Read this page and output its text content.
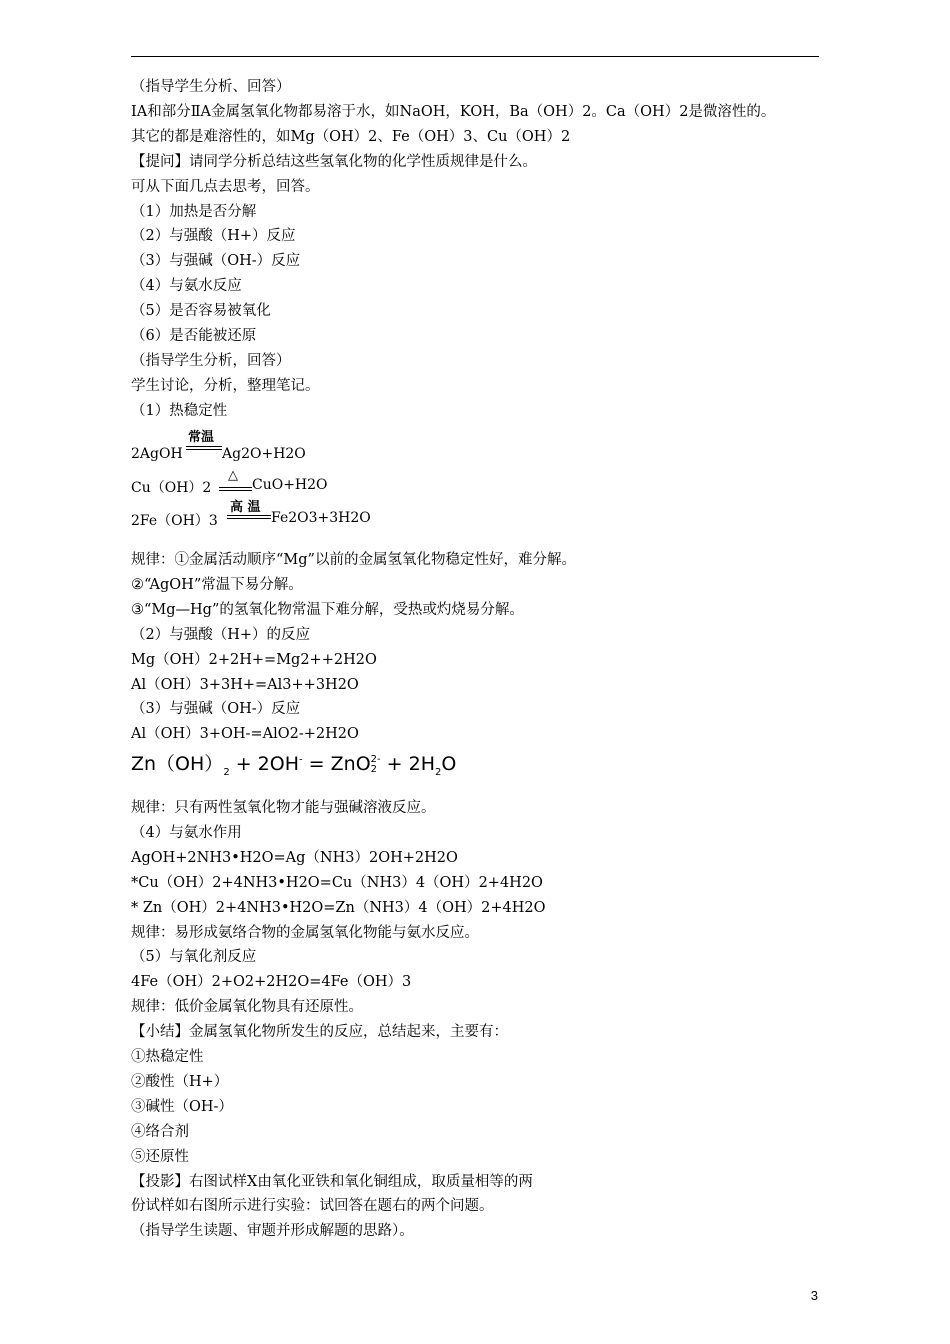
（指导学生分析、回答）
ⅠA和部分ⅡA金属氢氧化物都易溶于水，如NaOH，KOH，Ba（OH）2。Ca（OH）2是微溶性的。
其它的都是难溶性的，如Mg（OH）2、Fe（OH）3、Cu（OH）2
【提问】请同学分析总结这些氢氧化物的化学性质规律是什么。
可从下面几点去思考，回答。
（1）加热是否分解
（2）与强酸（H+）反应
（3）与强碱（OH-）反应
（4）与氨水反应
（5）是否容易被氧化
（6）是否能被还原
（指导学生分析，回答）
学生讨论，分析，整理笔记。
（1）热稳定性
2AgOH
常温
Ag2O+H2O
Cu（OH）2
△
CuO+H2O
2Fe（OH）3
高 温
Fe2O3+3H2O
规律：①金属活动顺序“Mg”以前的金属氢氧化物稳定性好，难分解。
②“AgOH”常温下易分解。
③“Mg—Hg”的氢氧化物常温下难分解，受热或灼烧易分解。
（2）与强酸（H+）的反应
Mg（OH）2+2H+=Mg2++2H2O
Al（OH）3+3H+=Al3++3H2O
（3）与强碱（OH-）反应
Al（OH）3+OH-=AlO2-+2H2O
$Zn(OH)_2 + 2OH^-$ = ZnO 2-
$2 + 2H_2O$
规律：只有两性氢氧化物才能与强碱溶液反应。
（4）与氨水作用
AgOH+2NH3•H2O=Ag（NH3）2OH+2H2O
*Cu（OH）2+4NH3•H2O=Cu（NH3）4（OH）2+4H2O
* Zn（OH）2+4NH3•H2O=Zn（NH3）4（OH）2+4H2O
规律：易形成氨络合物的金属氢氧化物能与氨水反应。
（5）与氧化剂反应
4Fe（OH）2+O2+2H2O=4Fe（OH）3
规律：低价金属氧化物具有还原性。
【小结】金属氢氧化物所发生的反应，总结起来，主要有：
①热稳定性
②酸性（H+）
③碱性（OH-）
④络合剂
⑤还原性
【投影】右图试样X由氧化亚铁和氧化铜组成，取质量相等的两
份试样如右图所示进行实验：试回答在题右的两个问题。
（指导学生读题、审题并形成解题的思路）。
3
